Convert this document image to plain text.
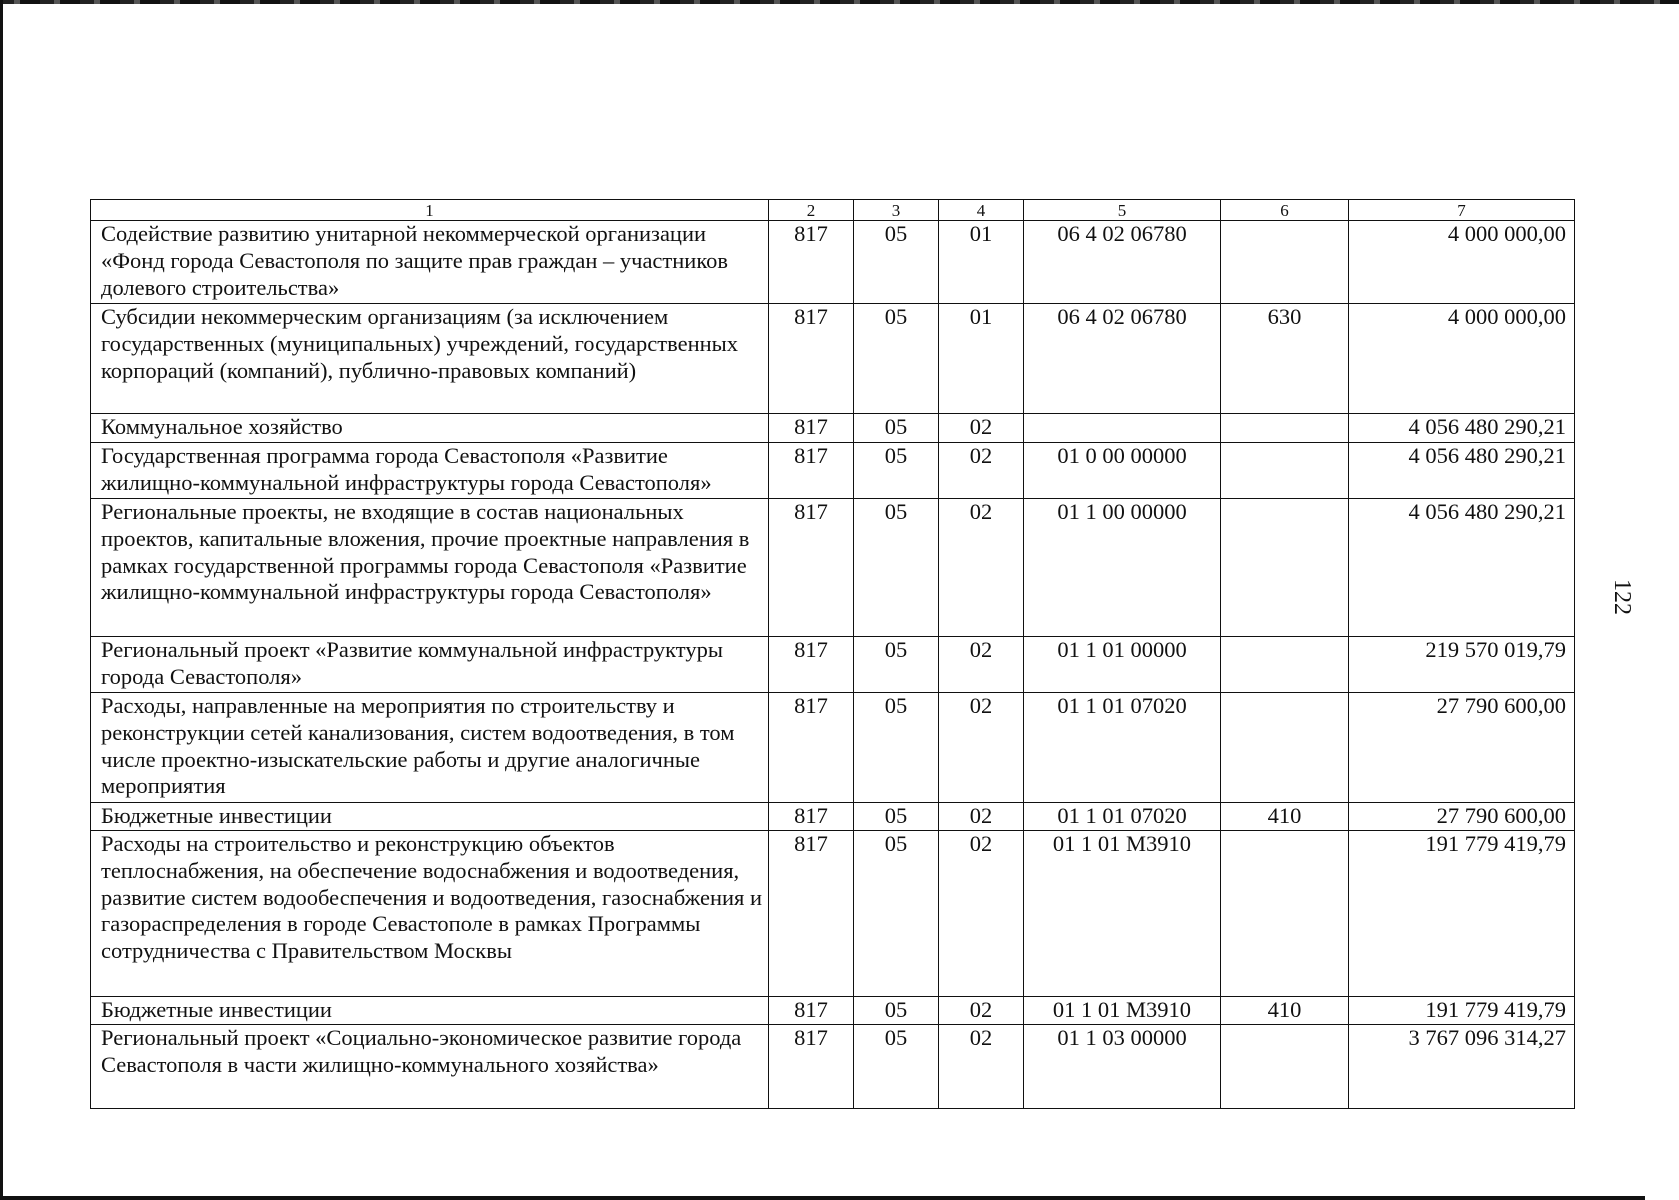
1	2	3	4	5	6	7
Содействие развитию унитарной некоммерческой организации «Фонд города Севастополя по защите прав граждан – участников долевого строительства»	817	05	01	06 4 02 06780		4 000 000,00
Субсидии некоммерческим организациям (за исключением государственных (муниципальных) учреждений, государственных корпораций (компаний), публично-правовых компаний)	817	05	01	06 4 02 06780	630	4 000 000,00
Коммунальное хозяйство	817	05	02			4 056 480 290,21
Государственная программа города Севастополя «Развитие жилищно-коммунальной инфраструктуры города Севастополя»	817	05	02	01 0 00 00000		4 056 480 290,21
Региональные проекты, не входящие в состав национальных проектов, капитальные вложения, прочие проектные направления в рамках государственной программы города Севастополя «Развитие жилищно-коммунальной инфраструктуры города Севастополя»	817	05	02	01 1 00 00000		4 056 480 290,21
Региональный проект «Развитие коммунальной инфраструктуры города Севастополя»	817	05	02	01 1 01 00000		219 570 019,79
Расходы, направленные на мероприятия по строительству и реконструкции сетей канализования, систем водоотведения, в том числе проектно-изыскательские работы и другие аналогичные мероприятия	817	05	02	01 1 01 07020		27 790 600,00
Бюджетные инвестиции	817	05	02	01 1 01 07020	410	27 790 600,00
Расходы на строительство и реконструкцию объектов теплоснабжения, на обеспечение водоснабжения и водоотведения, развитие систем водообеспечения и водоотведения, газоснабжения и газораспределения в городе Севастополе в рамках Программы сотрудничества с Правительством Москвы	817	05	02	01 1 01 М3910		191 779 419,79
Бюджетные инвестиции	817	05	02	01 1 01 М3910	410	191 779 419,79
Региональный проект «Социально-экономическое развитие города Севастополя в части жилищно-коммунального хозяйства»	817	05	02	01 1 03 00000		3 767 096 314,27
122
